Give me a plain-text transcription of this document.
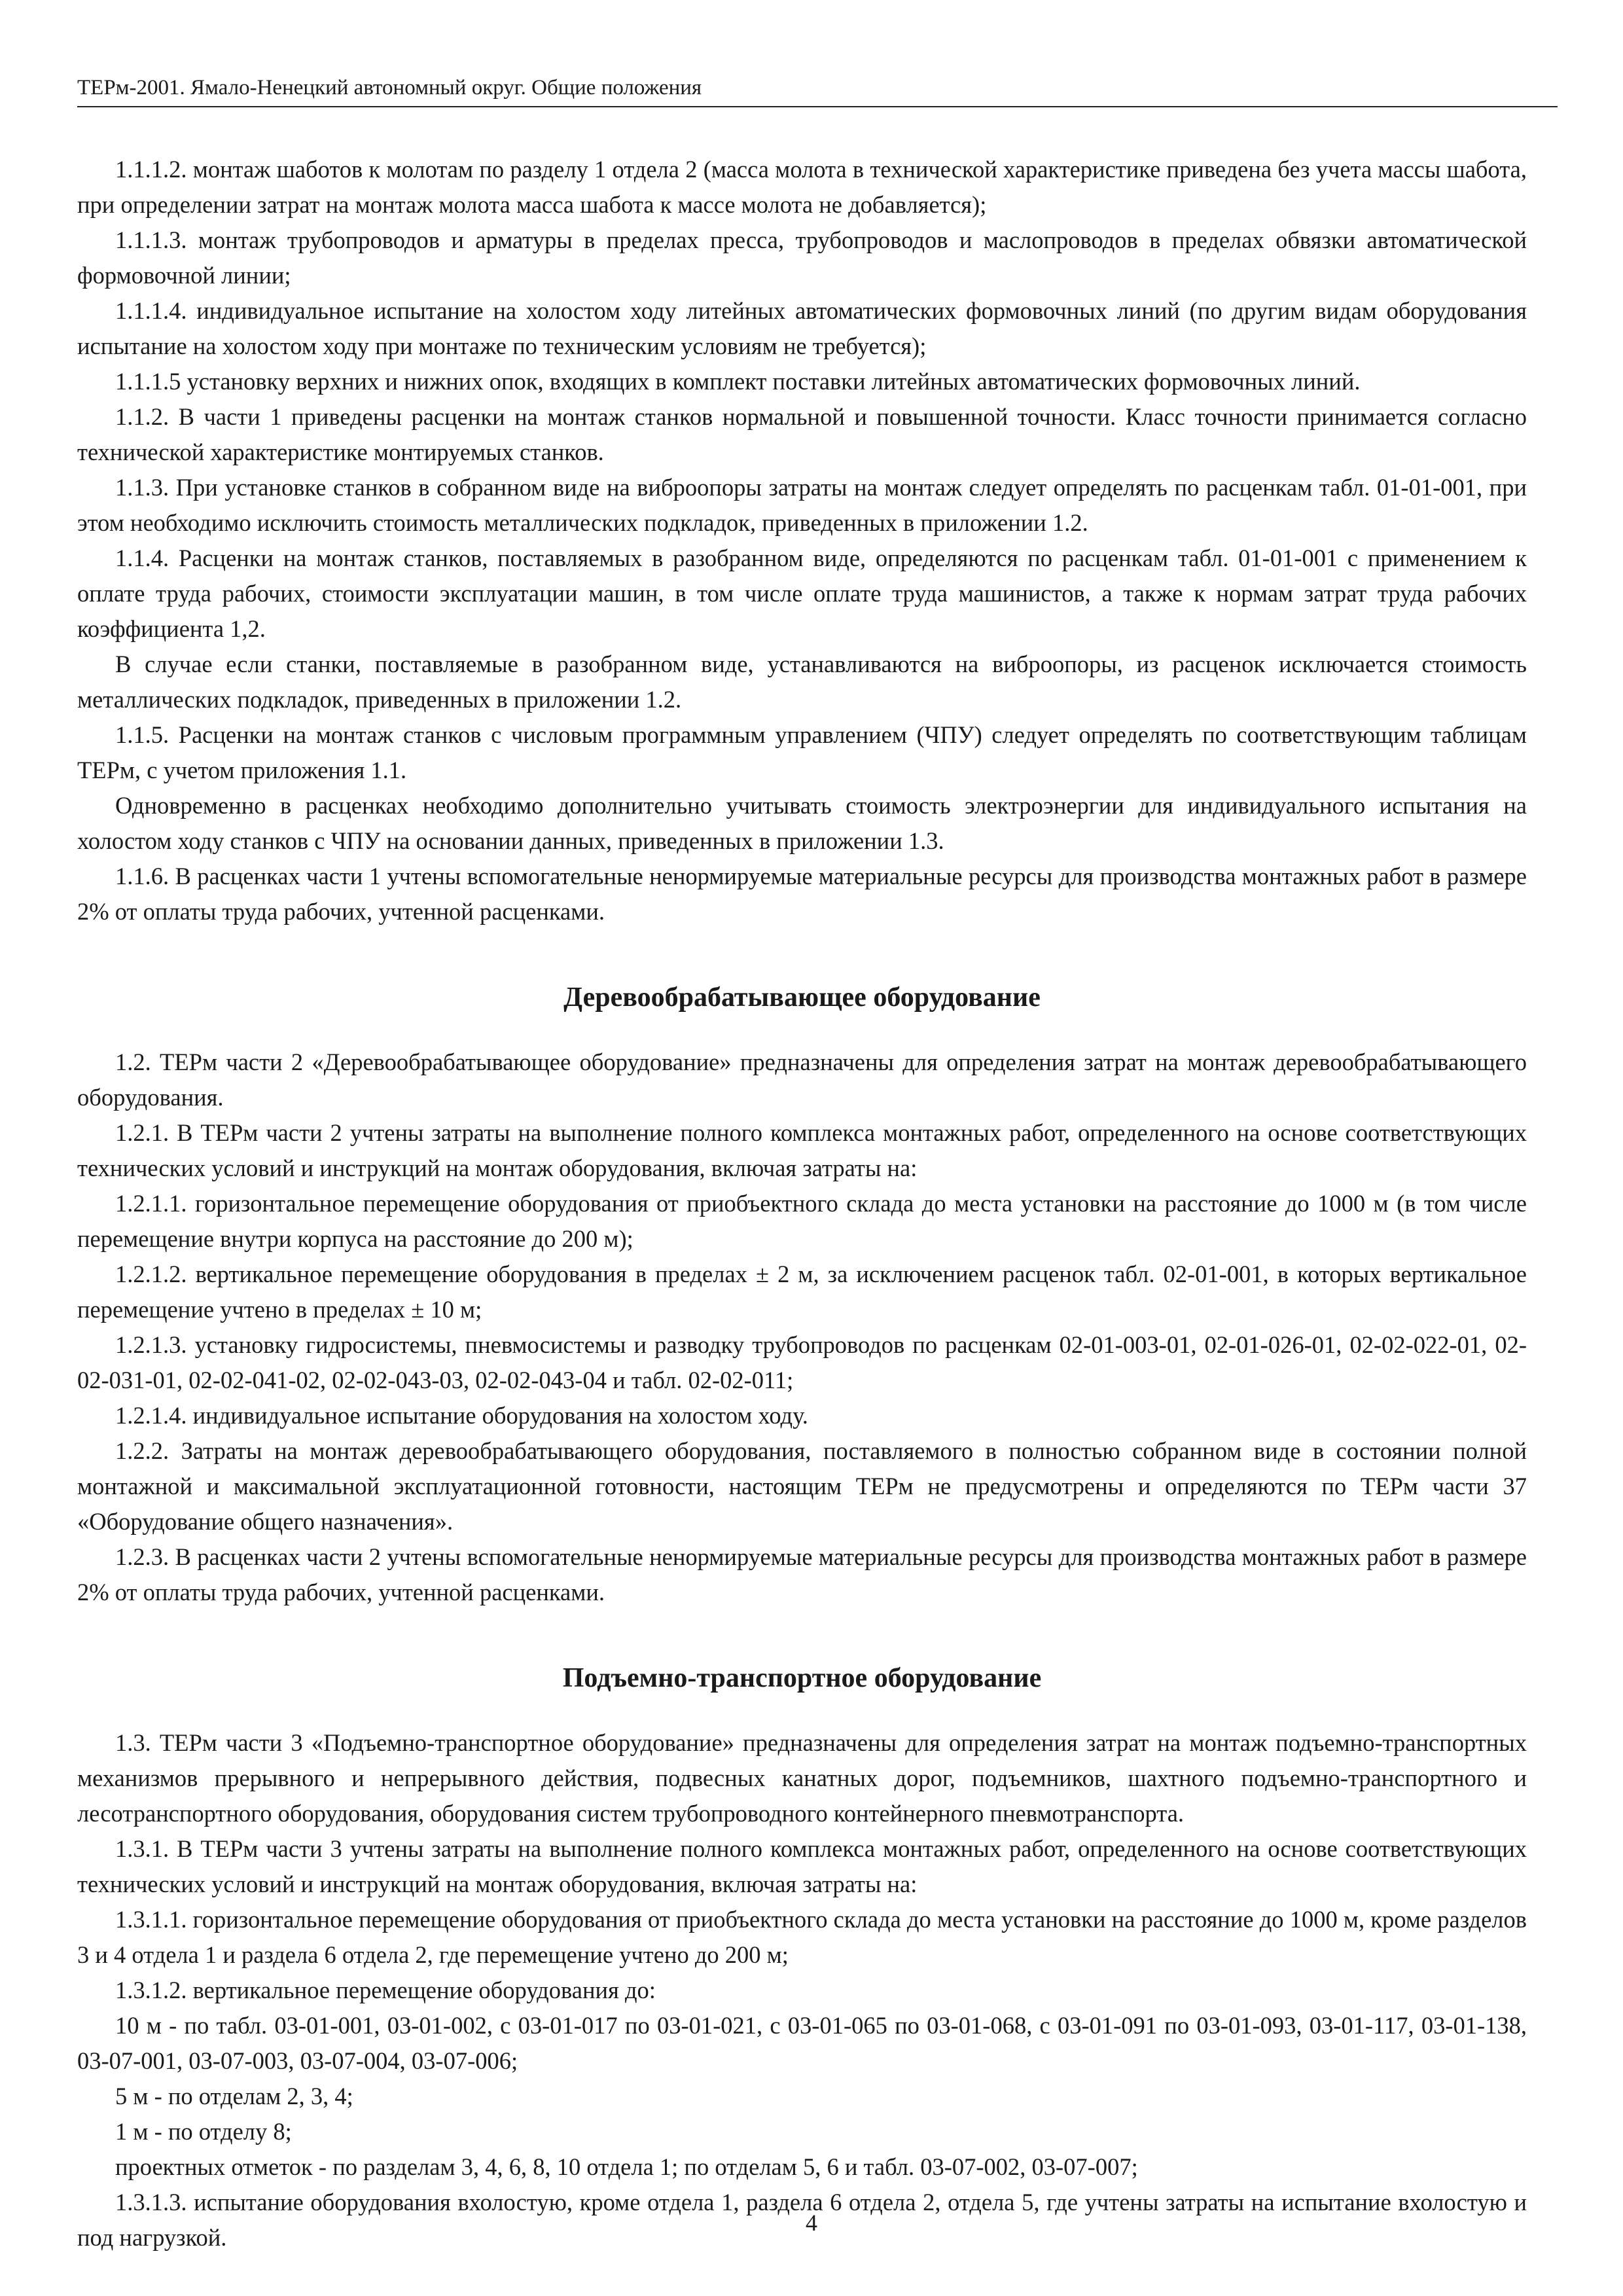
ТЕРм-2001. Ямало-Ненецкий автономный округ. Общие положения

1.1.1.2. монтаж шаботов к молотам по разделу 1 отдела 2 (масса молота в технической характеристике приведена без учета массы шабота, при определении затрат на монтаж молота масса шабота к массе молота не добавляется);

1.1.1.3. монтаж трубопроводов и арматуры в пределах пресса, трубопроводов и маслопроводов в пределах обвязки автоматической формовочной линии;

1.1.1.4. индивидуальное испытание на холостом ходу литейных автоматических формовочных линий (по другим видам оборудования испытание на холостом ходу при монтаже по техническим условиям не требуется);

1.1.1.5 установку верхних и нижних опок, входящих в комплект поставки литейных автоматических формовочных линий.

1.1.2. В части 1 приведены расценки на монтаж станков нормальной и повышенной точности. Класс точности принимается согласно технической характеристике монтируемых станков.

1.1.3. При установке станков в собранном виде на виброопоры затраты на монтаж следует определять по расценкам табл. 01-01-001, при этом необходимо исключить стоимость металлических подкладок, приведенных в приложении 1.2.

1.1.4. Расценки на монтаж станков, поставляемых в разобранном виде, определяются по расценкам табл. 01-01-001 с применением к оплате труда рабочих, стоимости эксплуатации машин, в том числе оплате труда машинистов, а также к нормам затрат труда рабочих коэффициента 1,2.

В случае если станки, поставляемые в разобранном виде, устанавливаются на виброопоры, из расценок исключается стоимость металлических подкладок, приведенных в приложении 1.2.

1.1.5. Расценки на монтаж станков с числовым программным управлением (ЧПУ) следует определять по соответствующим таблицам ТЕРм, с учетом приложения 1.1.

Одновременно в расценках необходимо дополнительно учитывать стоимость электроэнергии для индивидуального испытания на холостом ходу станков с ЧПУ на основании данных, приведенных в приложении 1.3.

1.1.6. В расценках части 1 учтены вспомогательные ненормируемые материальные ресурсы для производства монтажных работ в размере 2% от оплаты труда рабочих, учтенной расценками.

Деревообрабатывающее оборудование

1.2. ТЕРм части 2 «Деревообрабатывающее оборудование» предназначены для определения затрат на монтаж деревообрабатывающего оборудования.

1.2.1. В ТЕРм части 2 учтены затраты на выполнение полного комплекса монтажных работ, определенного на основе соответствующих технических условий и инструкций на монтаж оборудования, включая затраты на:

1.2.1.1. горизонтальное перемещение оборудования от приобъектного склада до места установки на расстояние до 1000 м (в том числе перемещение внутри корпуса на расстояние до 200 м);

1.2.1.2. вертикальное перемещение оборудования в пределах ± 2 м, за исключением расценок табл. 02-01-001, в которых вертикальное перемещение учтено в пределах ± 10 м;

1.2.1.3. установку гидросистемы, пневмосистемы и разводку трубопроводов по расценкам 02-01-003-01, 02-01-026-01, 02-02-022-01, 02-02-031-01, 02-02-041-02, 02-02-043-03, 02-02-043-04 и табл. 02-02-011;

1.2.1.4. индивидуальное испытание оборудования на холостом ходу.

1.2.2. Затраты на монтаж деревообрабатывающего оборудования, поставляемого в полностью собранном виде в состоянии полной монтажной и максимальной эксплуатационной готовности, настоящим ТЕРм не предусмотрены и определяются по ТЕРм части 37 «Оборудование общего назначения».

1.2.3. В расценках части 2 учтены вспомогательные ненормируемые материальные ресурсы для производства монтажных работ в размере 2% от оплаты труда рабочих, учтенной расценками.

Подъемно-транспортное оборудование

1.3. ТЕРм части 3 «Подъемно-транспортное оборудование» предназначены для определения затрат на монтаж подъемно-транспортных механизмов прерывного и непрерывного действия, подвесных канатных дорог, подъемников, шахтного подъемно-транспортного и лесотранспортного оборудования, оборудования систем трубопроводного контейнерного пневмотранспорта.

1.3.1. В ТЕРм части 3 учтены затраты на выполнение полного комплекса монтажных работ, определенного на основе соответствующих технических условий и инструкций на монтаж оборудования, включая затраты на:

1.3.1.1. горизонтальное перемещение оборудования от приобъектного склада до места установки на расстояние до 1000 м, кроме разделов 3 и 4 отдела 1 и раздела 6 отдела 2, где перемещение учтено до 200 м;

1.3.1.2. вертикальное перемещение оборудования до:

10 м - по табл. 03-01-001, 03-01-002, с 03-01-017 по 03-01-021, с 03-01-065 по 03-01-068, с 03-01-091 по 03-01-093, 03-01-117, 03-01-138, 03-07-001, 03-07-003, 03-07-004, 03-07-006;

5 м - по отделам 2, 3, 4;

1 м - по отделу 8;

проектных отметок - по разделам 3, 4, 6, 8, 10 отдела 1; по отделам 5, 6 и табл. 03-07-002, 03-07-007;

1.3.1.3. испытание оборудования вхолостую, кроме отдела 1, раздела 6 отдела 2, отдела 5, где учтены затраты на испытание вхолостую и под нагрузкой.

4
